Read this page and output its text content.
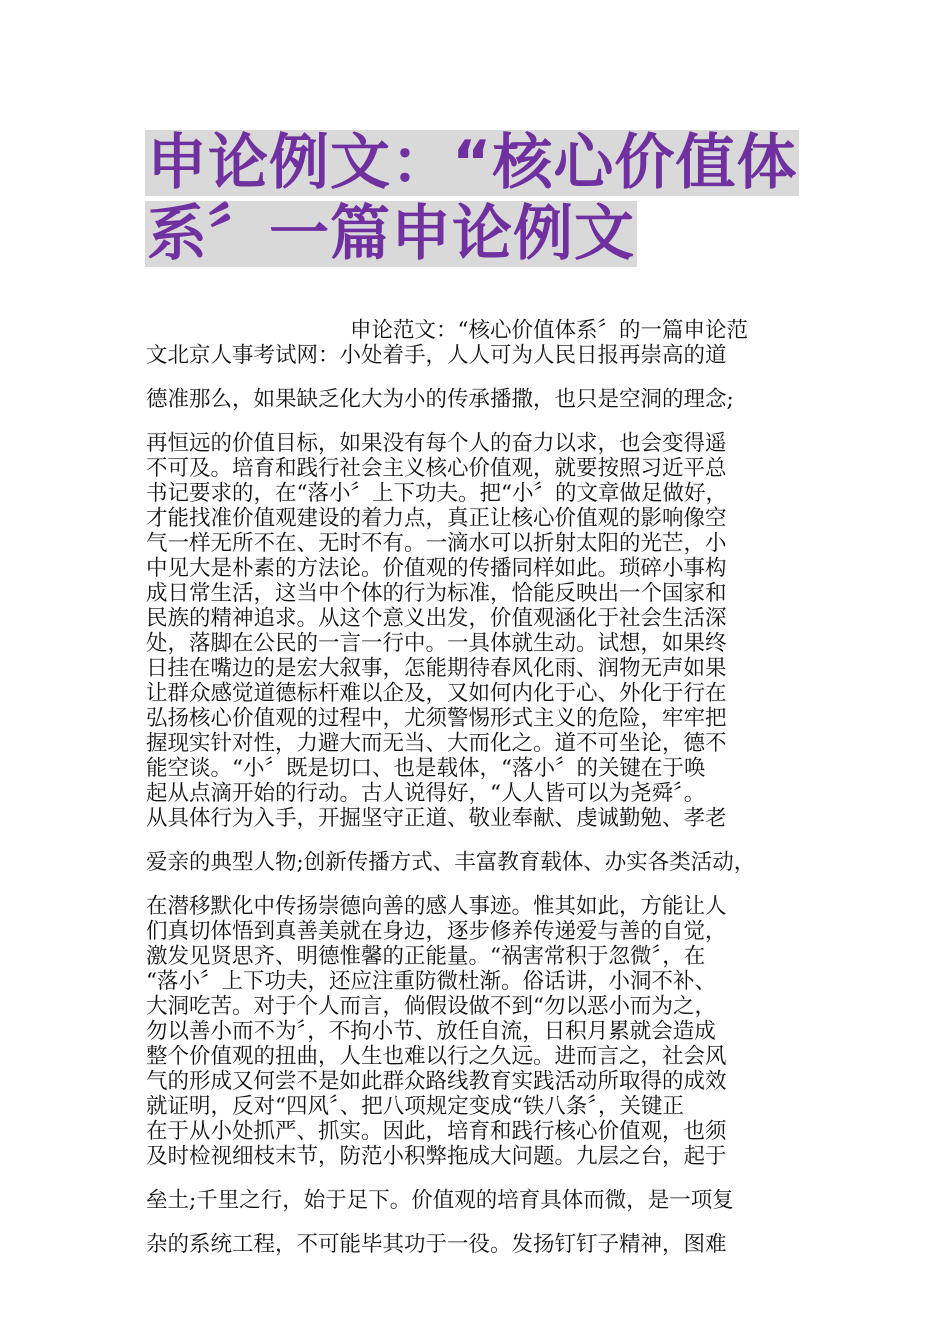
申论例文：“核心价值体
系〞一篇申论例文
申论范文：“核心价值体系〞的一篇申论范
文北京人事考试网：小处着手，人人可为人民日报再崇高的道
德准那么，如果缺乏化大为小的传承播撒，也只是空洞的理念;
再恒远的价值目标，如果没有每个人的奋力以求，也会变得遥
不可及。培育和践行社会主义核心价值观，就要按照习近平总
书记要求的，在“落小〞上下功夫。把“小〞的文章做足做好，
才能找准价值观建设的着力点，真正让核心价值观的影响像空
气一样无所不在、无时不有。一滴水可以折射太阳的光芒，小
中见大是朴素的方法论。价值观的传播同样如此。琐碎小事构
成日常生活，这当中个体的行为标准，恰能反映出一个国家和
民族的精神追求。从这个意义出发，价值观涵化于社会生活深
处，落脚在公民的一言一行中。一具体就生动。试想，如果终
日挂在嘴边的是宏大叙事，怎能期待春风化雨、润物无声如果
让群众感觉道德标杆难以企及，又如何内化于心、外化于行在
弘扬核心价值观的过程中，尤须警惕形式主义的危险，牢牢把
握现实针对性，力避大而无当、大而化之。道不可坐论，德不
能空谈。“小〞既是切口、也是载体，“落小〞的关键在于唤
起从点滴开始的行动。古人说得好，“人人皆可以为尧舜〞。
从具体行为入手，开掘坚守正道、敬业奉献、虔诚勤勉、孝老
爱亲的典型人物;创新传播方式、丰富教育载体、办实各类活动，
在潜移默化中传扬崇德向善的感人事迹。惟其如此，方能让人
们真切体悟到真善美就在身边，逐步修养传递爱与善的自觉，
激发见贤思齐、明德惟馨的正能量。“祸害常积于忽微〞，在
“落小〞上下功夫，还应注重防微杜渐。俗话讲，小洞不补、
大洞吃苦。对于个人而言，倘假设做不到“勿以恶小而为之，
勿以善小而不为〞，不拘小节、放任自流，日积月累就会造成
整个价值观的扭曲，人生也难以行之久远。进而言之，社会风
气的形成又何尝不是如此群众路线教育实践活动所取得的成效
就证明，反对“四风〞、把八项规定变成“铁八条〞，关键正
在于从小处抓严、抓实。因此，培育和践行核心价值观，也须
及时检视细枝末节，防范小积弊拖成大问题。九层之台，起于
垒土;千里之行，始于足下。价值观的培育具体而微，是一项复
杂的系统工程，不可能毕其功于一役。发扬钉钉子精神，图难
